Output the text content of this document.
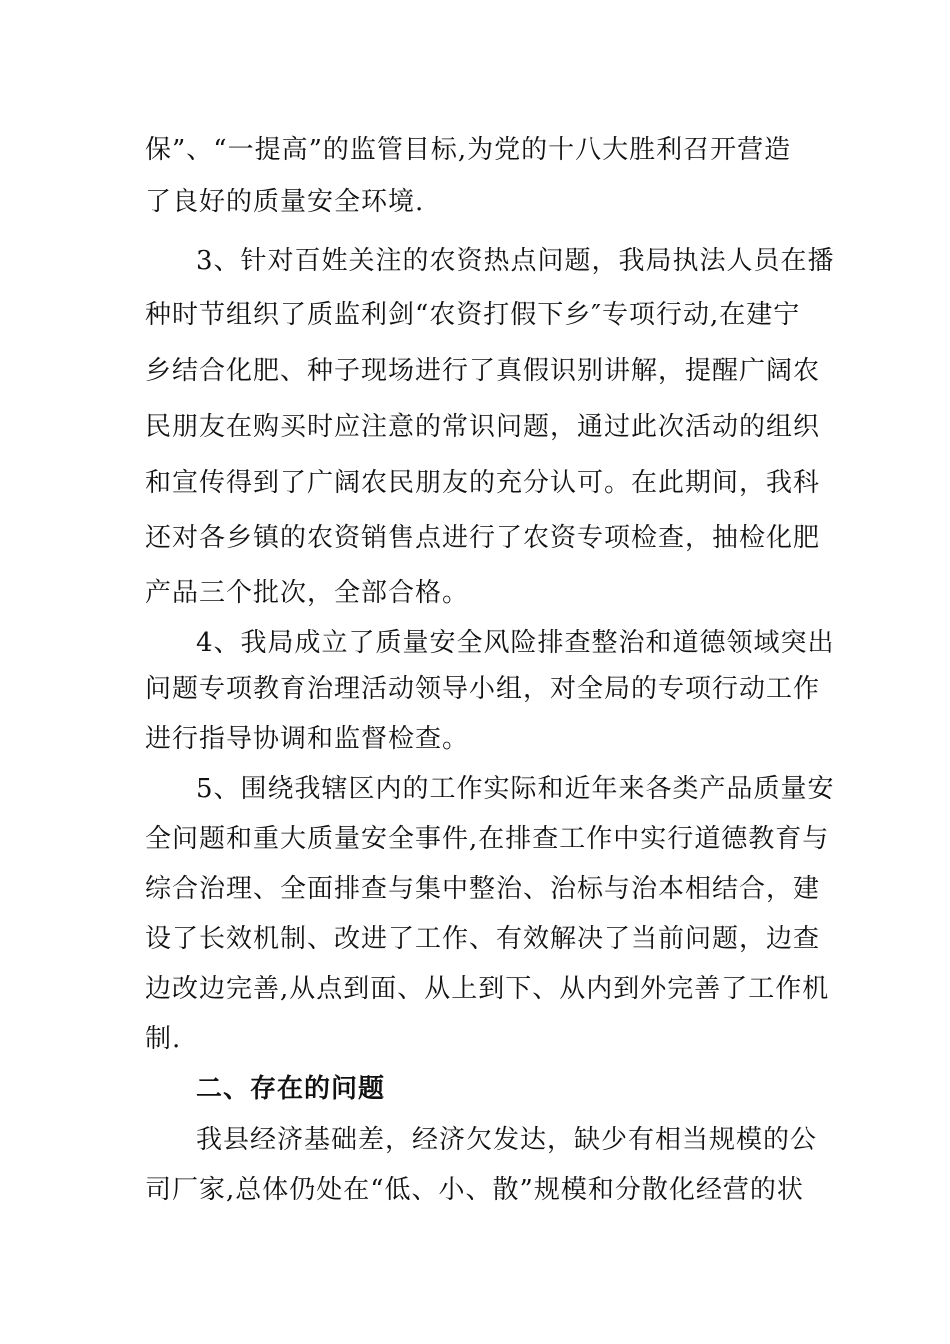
保”、“一提高”的监管目标,为党的十八大胜利召开营造
了良好的质量安全环境.
3、针对百姓关注的农资热点问题，我局执法人员在播
种时节组织了质监利剑“农资打假下乡″专项行动,在建宁
乡结合化肥、种子现场进行了真假识别讲解，提醒广阔农
民朋友在购买时应注意的常识问题，通过此次活动的组织
和宣传得到了广阔农民朋友的充分认可。在此期间，我科
还对各乡镇的农资销售点进行了农资专项检查，抽检化肥
产品三个批次，全部合格。
4、我局成立了质量安全风险排查整治和道德领域突出
问题专项教育治理活动领导小组，对全局的专项行动工作
进行指导协调和监督检查。
5、围绕我辖区内的工作实际和近年来各类产品质量安
全问题和重大质量安全事件,在排查工作中实行道德教育与
综合治理、全面排查与集中整治、治标与治本相结合，建
设了长效机制、改进了工作、有效解决了当前问题，边查
边改边完善,从点到面、从上到下、从内到外完善了工作机
制.
二、存在的问题
我县经济基础差，经济欠发达，缺少有相当规模的公
司厂家,总体仍处在“低、小、散”规模和分散化经营的状
